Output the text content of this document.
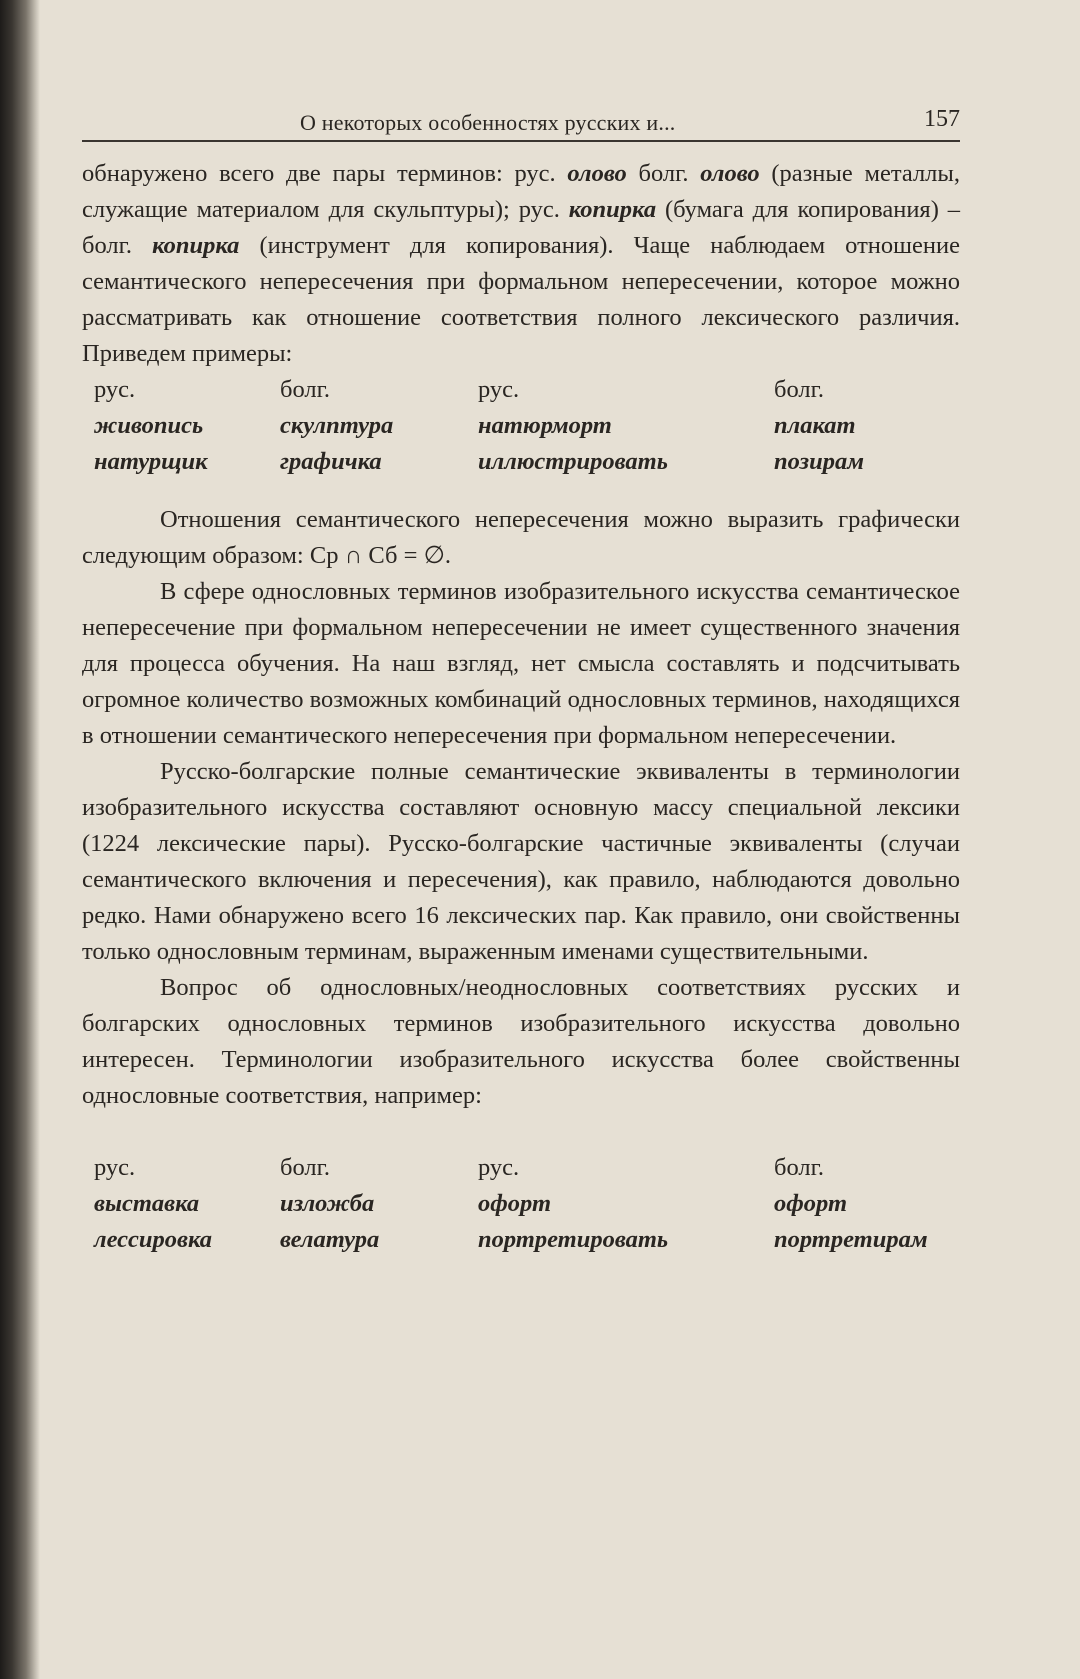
О некоторых особенностях русских и...	157

обнаружено всего две пары терминов: рус. олово болг. олово (разные металлы, служащие материалом для скульптуры); рус. копирка (бумага для копирования) – болг. копирка (инструмент для копирования). Чаще наблюдаем отношение семантического непересечения при формальном непересечении, которое можно рассматривать как отношение соответствия полного лексического различия. Приведем примеры:

рус.	болг.	рус.	болг.
живопись	скулптура	натюрморт	плакат
натурщик	графичка	иллюстрировать	позирам

Отношения семантического непересечения можно выразить графически следующим образом: Ср ∩ Сб = ∅.

В сфере однословных терминов изобразительного искусства семантическое непересечение при формальном непересечении не имеет существенного значения для процесса обучения. На наш взгляд, нет смысла составлять и подсчитывать огромное количество возможных комбинаций однословных терминов, находящихся в отношении семантического непересечения при формальном непересечении.

Русско-болгарские полные семантические эквиваленты в терминологии изобразительного искусства составляют основную массу специальной лексики (1224 лексические пары). Русско-болгарские частичные эквиваленты (случаи семантического включения и пересечения), как правило, наблюдаются довольно редко. Нами обнаружено всего 16 лексических пар. Как правило, они свойственны только однословным терминам, выраженным именами существительными.

Вопрос об однословных/неоднословных соответствиях русских и болгарских однословных терминов изобразительного искусства довольно интересен. Терминологии изобразительного искусства более свойственны однословные соответствия, например:

рус.	болг.	рус.	болг.
выставка	изложба	офорт	офорт
лессировка	велатура	портретировать	портретирам
